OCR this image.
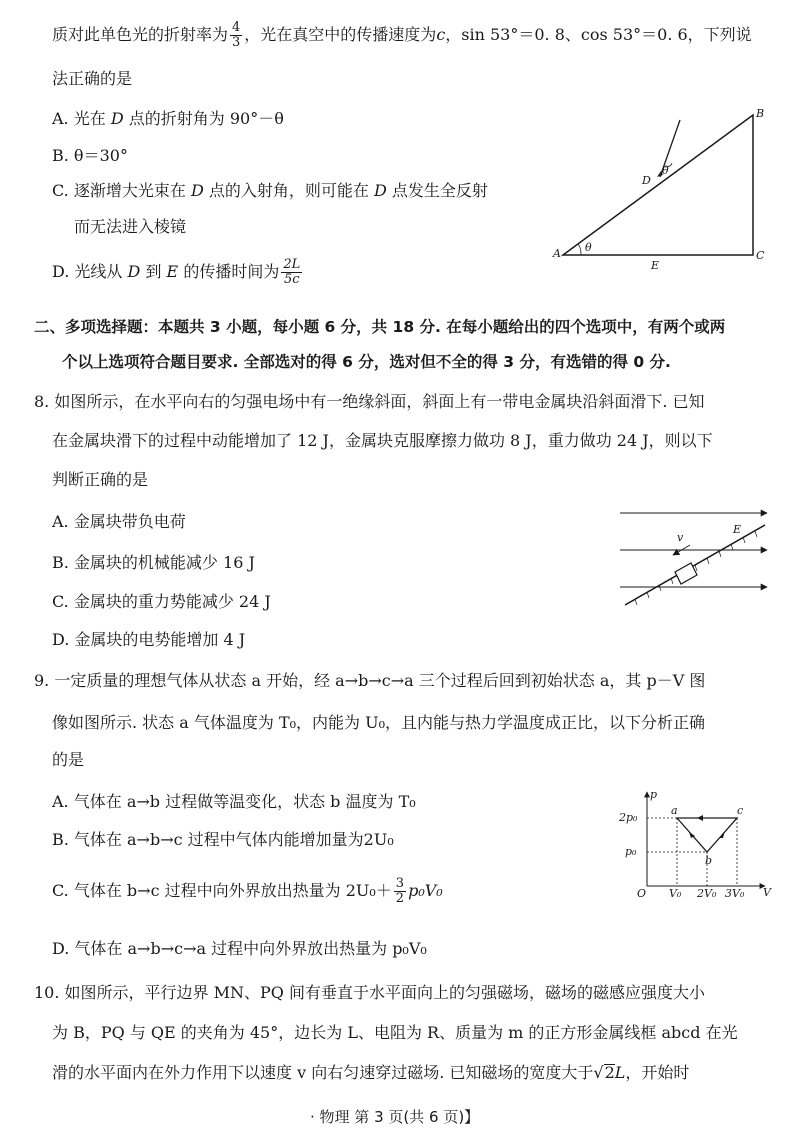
质对此单色光的折射率为 $\frac{4}{3}$ ，光在真空中的传播速度为c，sin 53°＝0. 8、cos 53°＝0. 6，下列说
法正确的是
A. 光在 D 点的折射角为 90°－θ
B. θ＝30°
C. 逐渐增大光束在 D 点的入射角，则可能在 D 点发生全反射
而无法进入棱镜
D. 光线从 D 到 E 的传播时间为 $\frac{2L}{5c}$
A
B
C
D
E
θ
θ
二、多项选择题：本题共 3 小题，每小题 6 分，共 18 分. 在每小题给出的四个选项中，有两个或两
个以上选项符合题目要求. 全部选对的得 6 分，选对但不全的得 3 分，有选错的得 0 分.
8. 如图所示，在水平向右的匀强电场中有一绝缘斜面，斜面上有一带电金属块沿斜面滑下. 已知
在金属块滑下的过程中动能增加了 12 J，金属块克服摩擦力做功 8 J，重力做功 24 J，则以下
判断正确的是
A. 金属块带负电荷
B. 金属块的机械能减少 16 J
C. 金属块的重力势能减少 24 J
D. 金属块的电势能增加 4 J
v
E
9. 一定质量的理想气体从状态 a 开始，经 a→b→c→a 三个过程后回到初始状态 a，其 p－V 图
像如图所示. 状态 a 气体温度为 T₀，内能为 U₀，且内能与热力学温度成正比，以下分析正确
的是
A. 气体在 a→b 过程做等温变化，状态 b 温度为 T₀
B. 气体在 a→b→c 过程中气体内能增加量为2U₀
C. 气体在 b→c 过程中向外界放出热量为 $2U_0+ \frac{3}{2} p_0V_0$
D. 气体在 a→b→c→a 过程中向外界放出热量为 p₀V₀
p
V
O
a
b
c
2p₀
p₀
V₀ 2V₀ 3V₀
10. 如图所示，平行边界 MN、PQ 间有垂直于水平面向上的匀强磁场，磁场的磁感应强度大小
为 B，PQ 与 QE 的夹角为 45°，边长为 L、电阻为 R、质量为 m 的正方形金属线框 abcd 在光
滑的水平面内在外力作用下以速度 v 向右匀速穿过磁场. 已知磁场的宽度大于√2L，开始时
· 物理 第 3 页(共 6 页)】
